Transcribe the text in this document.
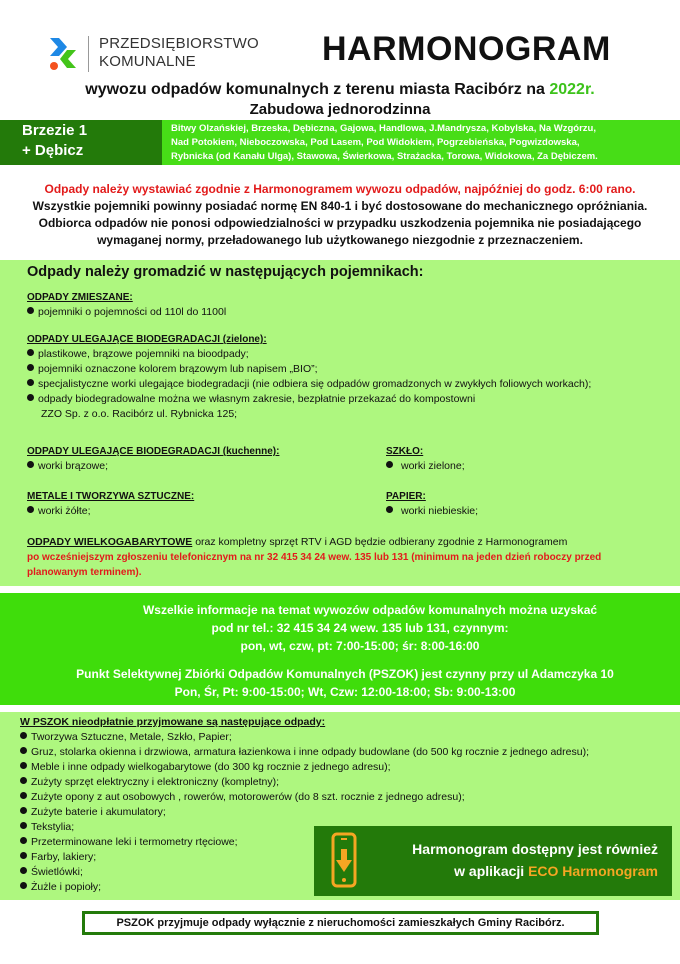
PRZEDSIĘBIORSTWO
KOMUNALNE	HARMONOGRAM
wywozu odpadów komunalnych z terenu miasta Racibórz na 2022r.
Zabudowa jednorodzinna
Brzezie 1
+ Dębicz
Bitwy Olzańskiej, Brzeska, Dębiczna, Gajowa, Handlowa, J.Mandrysza, Kobylska, Na Wzgórzu,
Nad Potokiem, Nieboczowska, Pod Lasem, Pod Widokiem, Pogrzebieńska, Pogwizdowska,
Rybnicka (od Kanału Ulga), Stawowa, Świerkowa, Strażacka, Torowa, Widokowa, Za Dębiczem.
Odpady należy wystawiać zgodnie z Harmonogramem wywozu odpadów, najpóźniej do godz. 6:00 rano.
Wszystkie pojemniki powinny posiadać normę EN 840-1 i być dostosowane do mechanicznego opróżniania.
Odbiorca odpadów nie ponosi odpowiedzialności w przypadku uszkodzenia pojemnika nie posiadającego
wymaganej normy, przeładowanego lub użytkowanego niezgodnie z przeznaczeniem.
Odpady należy gromadzić w następujących pojemnikach:
ODPADY ZMIESZANE:
pojemniki o pojemności od 110l do 1100l
ODPADY ULEGAJĄCE BIODEGRADACJI (zielone):
plastikowe, brązowe pojemniki na bioodpady;
pojemniki oznaczone kolorem brązowym lub napisem „BIO”;
specjalistyczne worki ulegające biodegradacji (nie odbiera się odpadów gromadzonych w zwykłych foliowych workach);
odpady biodegradowalne można we własnym zakresie, bezpłatnie przekazać do kompostowni
ZZO Sp. z o.o. Racibórz ul. Rybnicka 125;
ODPADY ULEGAJĄCE BIODEGRADACJI (kuchenne):
worki brązowe;
SZKŁO:
worki zielone;
METALE I TWORZYWA SZTUCZNE:
worki żółte;
PAPIER:
worki niebieskie;
ODPADY WIELKOGABARYTOWE oraz kompletny sprzęt RTV i AGD będzie odbierany zgodnie z Harmonogramem
po wcześniejszym zgłoszeniu telefonicznym na nr 32 415 34 24 wew. 135 lub 131 (minimum na jeden dzień roboczy przed
planowanym terminem).
Wszelkie informacje na temat wywozów odpadów komunalnych można uzyskać
pod nr tel.: 32 415 34 24 wew. 135 lub 131, czynnym:
pon, wt, czw, pt: 7:00-15:00; śr: 8:00-16:00
Punkt Selektywnej Zbiórki Odpadów Komunalnych (PSZOK) jest czynny przy ul Adamczyka 10
Pon, Śr, Pt: 9:00-15:00; Wt, Czw: 12:00-18:00; Sb: 9:00-13:00
W PSZOK nieodpłatnie przyjmowane są następujące odpady:
Tworzywa Sztuczne, Metale, Szkło, Papier;
Gruz, stolarka okienna i drzwiowa, armatura łazienkowa i inne odpady budowlane (do 500 kg rocznie z jednego adresu);
Meble i inne odpady wielkogabarytowe (do 300 kg rocznie z jednego adresu);
Zużyty sprzęt elektryczny i elektroniczny (kompletny);
Zużyte opony z aut osobowych , rowerów, motorowerów (do 8 szt. rocznie z jednego adresu);
Zużyte baterie i akumulatory;
Tekstylia;
Przeterminowane leki i termometry rtęciowe;
Farby, lakiery;
Świetlówki;
Żużle i popioły;
Harmonogram dostępny jest również
w aplikacji ECO Harmonogram
PSZOK przyjmuje odpady wyłącznie z nieruchomości zamieszkałych Gminy Racibórz.
